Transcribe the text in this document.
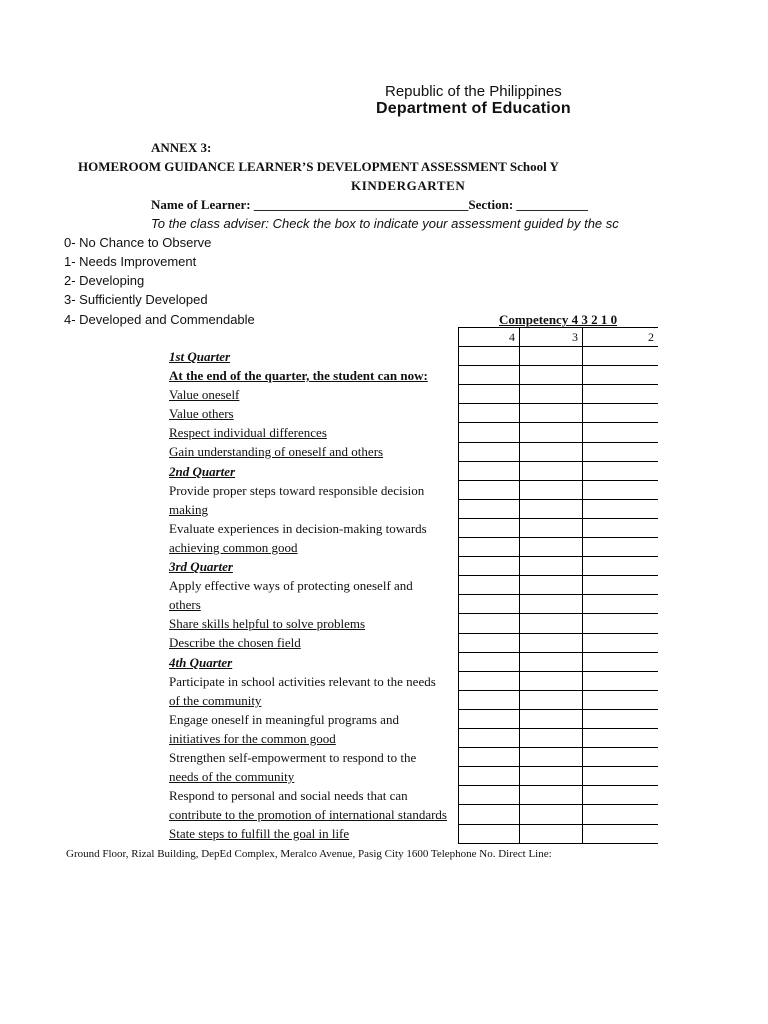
Republic of the Philippines
Department of Education
ANNEX 3:
HOMEROOM GUIDANCE LEARNER’S DEVELOPMENT ASSESSMENT School Y
KINDERGARTEN
Name of Learner: _________________________________Section: ___________
To the class adviser: Check the box to indicate your assessment guided by the sc
0- No Chance to Observe
1- Needs Improvement
2- Developing
3- Sufficiently Developed
4- Developed and Commendable	Competency 4 3 2 1 0
4	3	2
1st Quarter
At the end of the quarter, the student can now:
Value oneself
Value others
Respect individual differences
Gain understanding of oneself and others
2nd Quarter
Provide proper steps toward responsible decision
making
Evaluate experiences in decision-making towards
achieving common good
3rd Quarter
Apply effective ways of protecting oneself and
others
Share skills helpful to solve problems
Describe the chosen field
4th Quarter
Participate in school activities relevant to the needs
of the community
Engage oneself in meaningful programs and
initiatives for the common good
Strengthen self-empowerment to respond to the
needs of the community
Respond to personal and social needs that can
contribute to the promotion of international standards
State steps to fulfill the goal in life
Ground Floor, Rizal Building, DepEd Complex, Meralco Avenue, Pasig City 1600 Telephone No. Direct Line:
